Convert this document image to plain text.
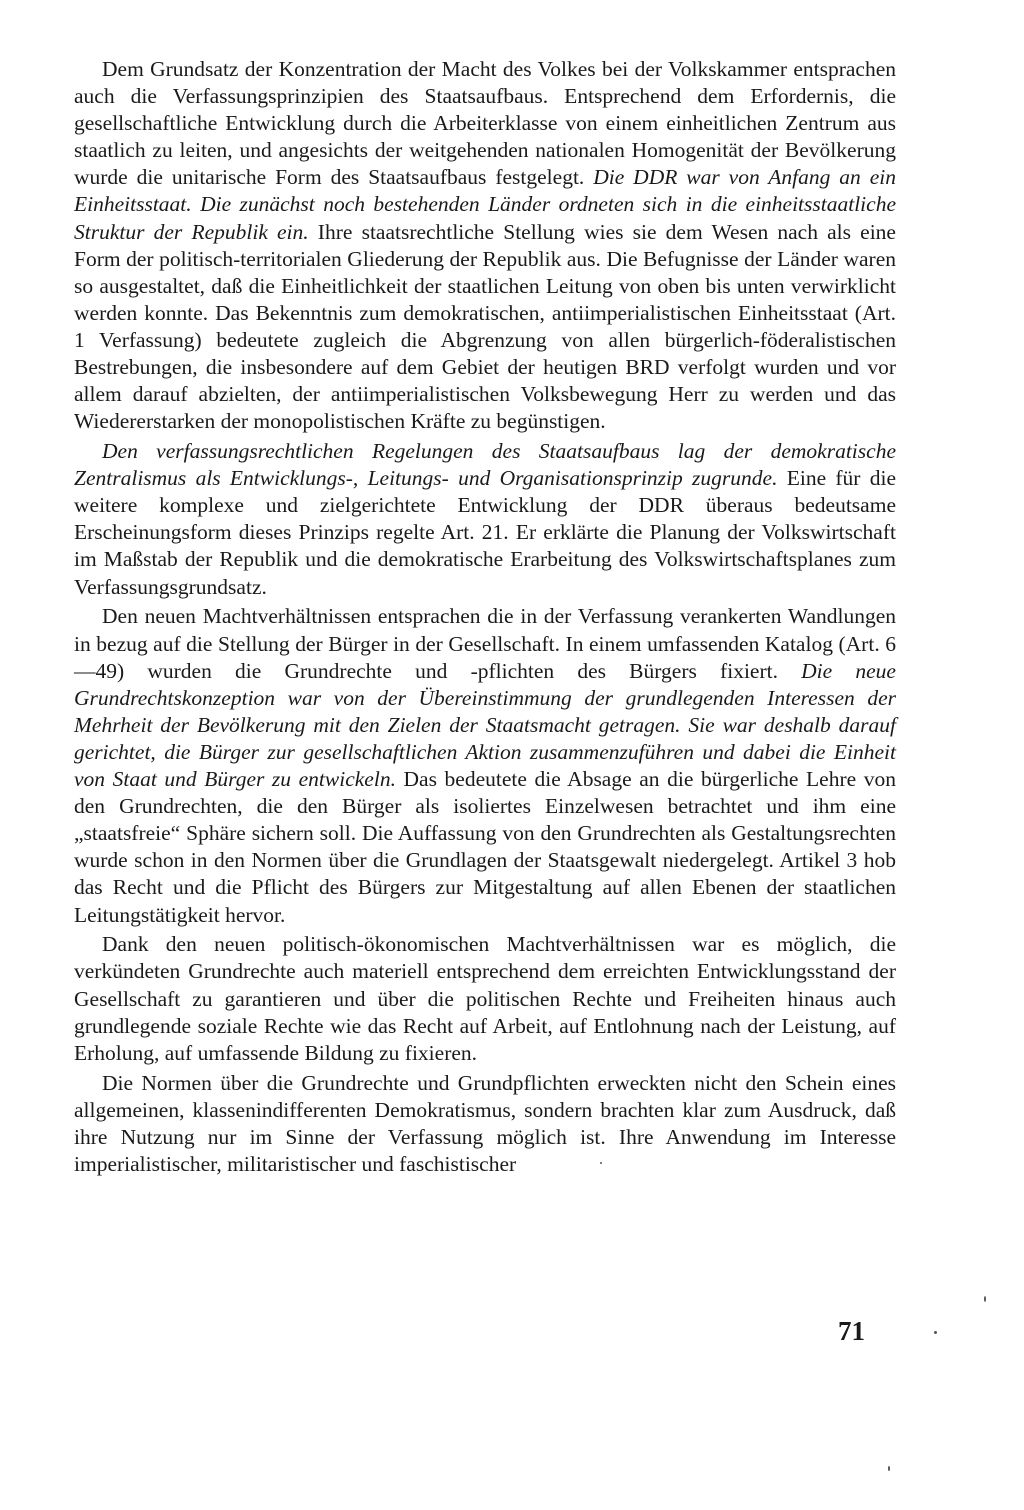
Dem Grundsatz der Konzentration der Macht des Volkes bei der Volkskammer entsprachen auch die Verfassungsprinzipien des Staatsaufbaus. Entsprechend dem Erfordernis, die gesellschaftliche Entwicklung durch die Arbeiterklasse von einem einheitlichen Zentrum aus staatlich zu leiten, und angesichts der weitgehenden nationalen Homogenität der Bevölkerung wurde die unitarische Form des Staatsaufbaus festgelegt. Die DDR war von Anfang an ein Einheitsstaat. Die zunächst noch bestehenden Länder ordneten sich in die einheitsstaatliche Struktur der Republik ein. Ihre staatsrechtliche Stellung wies sie dem Wesen nach als eine Form der politisch-territorialen Gliederung der Republik aus. Die Befugnisse der Länder waren so ausgestaltet, daß die Einheitlichkeit der staatlichen Leitung von oben bis unten verwirklicht werden konnte. Das Bekenntnis zum demokratischen, antiimperialistischen Einheitsstaat (Art. 1 Verfassung) bedeutete zugleich die Abgrenzung von allen bürgerlich-föderalistischen Bestrebungen, die insbesondere auf dem Gebiet der heutigen BRD verfolgt wurden und vor allem darauf abzielten, der antiimperialistischen Volksbewegung Herr zu werden und das Wiedererstarken der monopolistischen Kräfte zu begünstigen.

Den verfassungsrechtlichen Regelungen des Staatsaufbaus lag der demokratische Zentralismus als Entwicklungs-, Leitungs- und Organisationsprinzip zugrunde. Eine für die weitere komplexe und zielgerichtete Entwicklung der DDR überaus bedeutsame Erscheinungsform dieses Prinzips regelte Art. 21. Er erklärte die Planung der Volkswirtschaft im Maßstab der Republik und die demokratische Erarbeitung des Volkswirtschaftsplanes zum Verfassungsgrundsatz.

Den neuen Machtverhältnissen entsprachen die in der Verfassung verankerten Wandlungen in bezug auf die Stellung der Bürger in der Gesellschaft. In einem umfassenden Katalog (Art. 6—49) wurden die Grundrechte und -pflichten des Bürgers fixiert. Die neue Grundrechtskonzeption war von der Übereinstimmung der grundlegenden Interessen der Mehrheit der Bevölkerung mit den Zielen der Staatsmacht getragen. Sie war deshalb darauf gerichtet, die Bürger zur gesellschaftlichen Aktion zusammenzuführen und dabei die Einheit von Staat und Bürger zu entwickeln. Das bedeutete die Absage an die bürgerliche Lehre von den Grundrechten, die den Bürger als isoliertes Einzelwesen betrachtet und ihm eine „staatsfreie“ Sphäre sichern soll. Die Auffassung von den Grundrechten als Gestaltungsrechten wurde schon in den Normen über die Grundlagen der Staatsgewalt niedergelegt. Artikel 3 hob das Recht und die Pflicht des Bürgers zur Mitgestaltung auf allen Ebenen der staatlichen Leitungstätigkeit hervor.

Dank den neuen politisch-ökonomischen Machtverhältnissen war es möglich, die verkündeten Grundrechte auch materiell entsprechend dem erreichten Entwicklungsstand der Gesellschaft zu garantieren und über die politischen Rechte und Freiheiten hinaus auch grundlegende soziale Rechte wie das Recht auf Arbeit, auf Entlohnung nach der Leistung, auf Erholung, auf umfassende Bildung zu fixieren.

Die Normen über die Grundrechte und Grundpflichten erweckten nicht den Schein eines allgemeinen, klassenindifferenten Demokratismus, sondern brachten klar zum Ausdruck, daß ihre Nutzung nur im Sinne der Verfassung möglich ist. Ihre Anwendung im Interesse imperialistischer, militaristischer und faschistischer

71
